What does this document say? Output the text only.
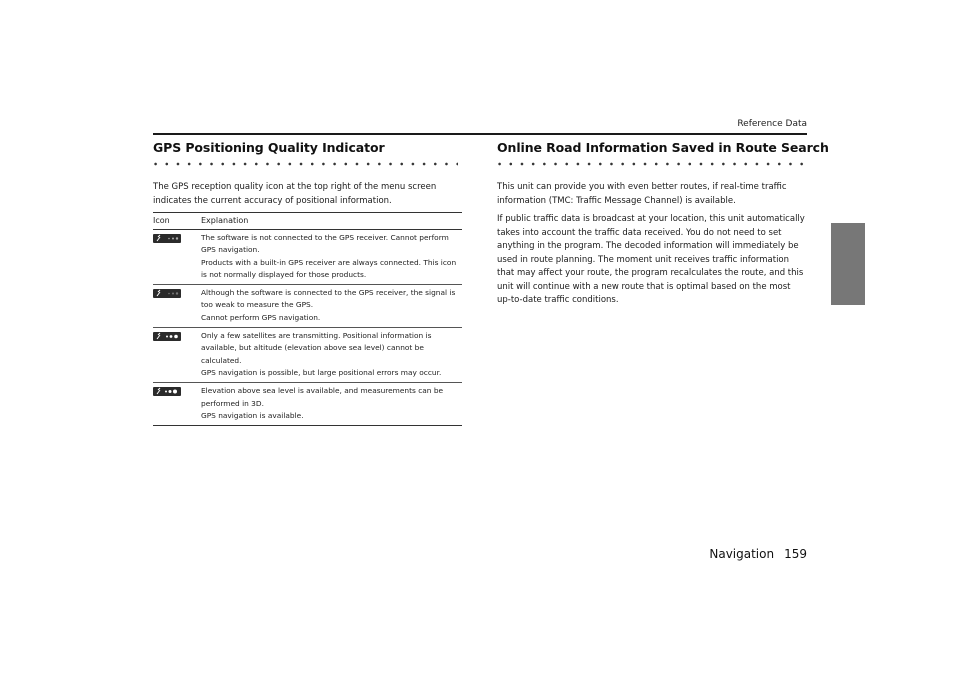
Reference Data
GPS Positioning Quality Indicator

The GPS reception quality icon at the top right of the menu screen indicates the current accuracy of positional information.

Icon	Explanation

The software is not connected to the GPS receiver. Cannot perform GPS navigation.
Products with a built-in GPS receiver are always connected. This icon is not normally displayed for those products.

Although the software is connected to the GPS receiver, the signal is too weak to measure the GPS.
Cannot perform GPS navigation.

Only a few satellites are transmitting. Positional information is available, but altitude (elevation above sea level) cannot be calculated.
GPS navigation is possible, but large positional errors may occur.

Elevation above sea level is available, and measurements can be performed in 3D.
GPS navigation is available.
Online Road Information Saved in Route Search

This unit can provide you with even better routes, if real-time traffic information (TMC: Traffic Message Channel) is available.

If public traffic data is broadcast at your location, this unit automatically takes into account the traffic data received. You do not need to set anything in the program. The decoded information will immediately be used in route planning. The moment unit receives traffic information that may affect your route, the program recalculates the route, and this unit will continue with a new route that is optimal based on the most up-to-date traffic conditions.

Navigation 159
